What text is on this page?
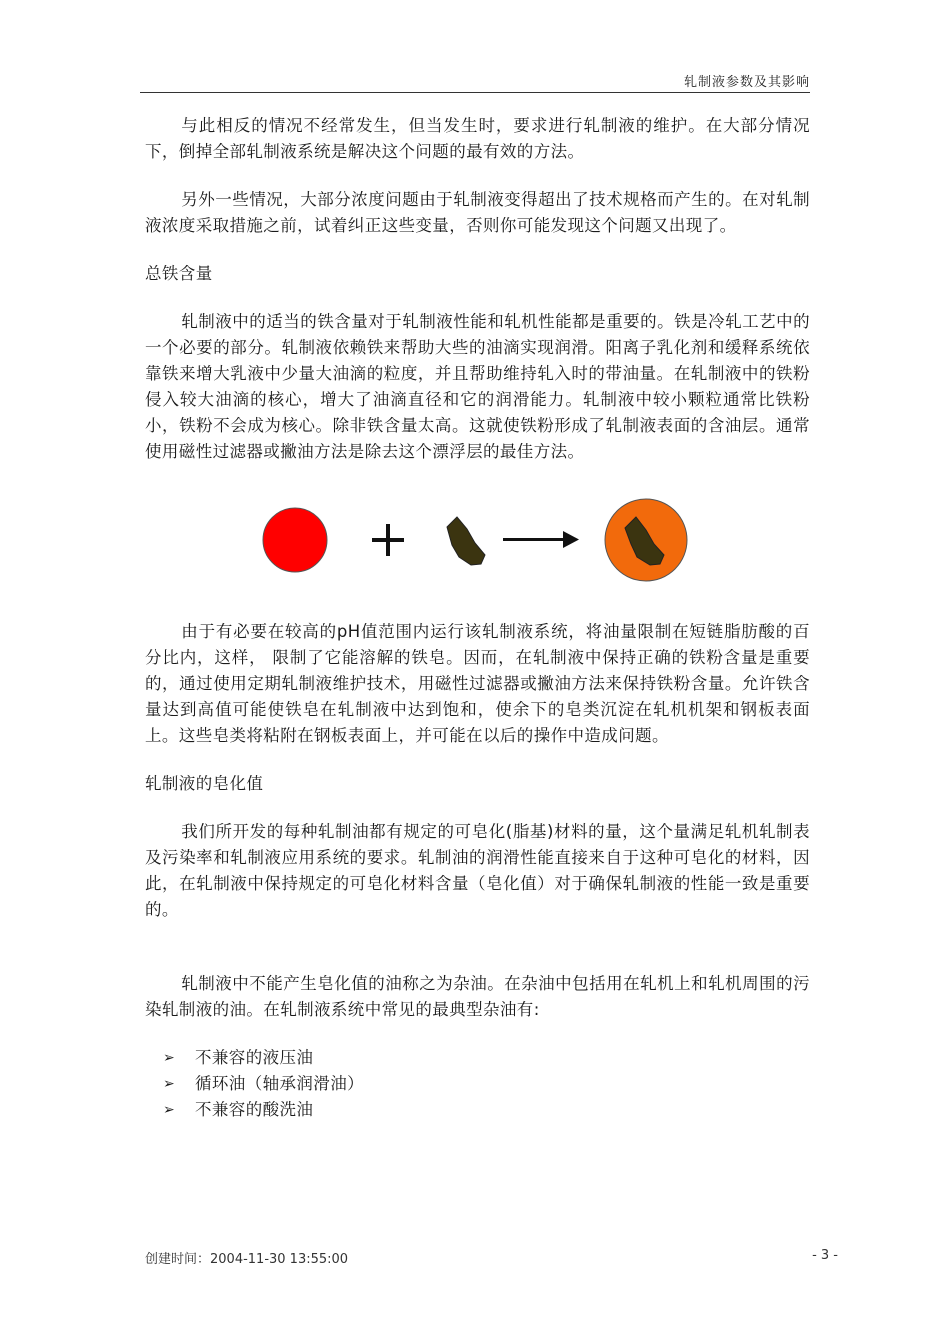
轧制液参数及其影响

与此相反的情况不经常发生，但当发生时，要求进行轧制液的维护。在大部分情况下，倒掉全部轧制液系统是解决这个问题的最有效的方法。

另外一些情况，大部分浓度问题由于轧制液变得超出了技术规格而产生的。在对轧制液浓度采取措施之前，试着纠正这些变量，否则你可能发现这个问题又出现了。

总铁含量

轧制液中的适当的铁含量对于轧制液性能和轧机性能都是重要的。铁是冷轧工艺中的一个必要的部分。轧制液依赖铁来帮助大些的油滴实现润滑。阳离子乳化剂和缓释系统依靠铁来增大乳液中少量大油滴的粒度，并且帮助维持轧入时的带油量。在轧制液中的铁粉侵入较大油滴的核心，增大了油滴直径和它的润滑能力。轧制液中较小颗粒通常比铁粉小，铁粉不会成为核心。除非铁含量太高。这就使铁粉形成了轧制液表面的含油层。通常使用磁性过滤器或撇油方法是除去这个漂浮层的最佳方法。

由于有必要在较高的pH值范围内运行该轧制液系统，将油量限制在短链脂肪酸的百分比内，这样， 限制了它能溶解的铁皂。因而，在轧制液中保持正确的铁粉含量是重要的，通过使用定期轧制液维护技术，用磁性过滤器或撇油方法来保持铁粉含量。允许铁含量达到高值可能使铁皂在轧制液中达到饱和，使余下的皂类沉淀在轧机机架和钢板表面上。这些皂类将粘附在钢板表面上，并可能在以后的操作中造成问题。

轧制液的皂化值

我们所开发的每种轧制油都有规定的可皂化(脂基)材料的量，这个量满足轧机轧制表及污染率和轧制液应用系统的要求。轧制油的润滑性能直接来自于这种可皂化的材料，因此，在轧制液中保持规定的可皂化材料含量（皂化值）对于确保轧制液的性能一致是重要的。

轧制液中不能产生皂化值的油称之为杂油。在杂油中包括用在轧机上和轧机周围的污染轧制液的油。在轧制液系统中常见的最典型杂油有:

➢ 不兼容的液压油
➢ 循环油（轴承润滑油）
➢ 不兼容的酸洗油
创建时间：2004-11-30 13:55:00	- 3 -
